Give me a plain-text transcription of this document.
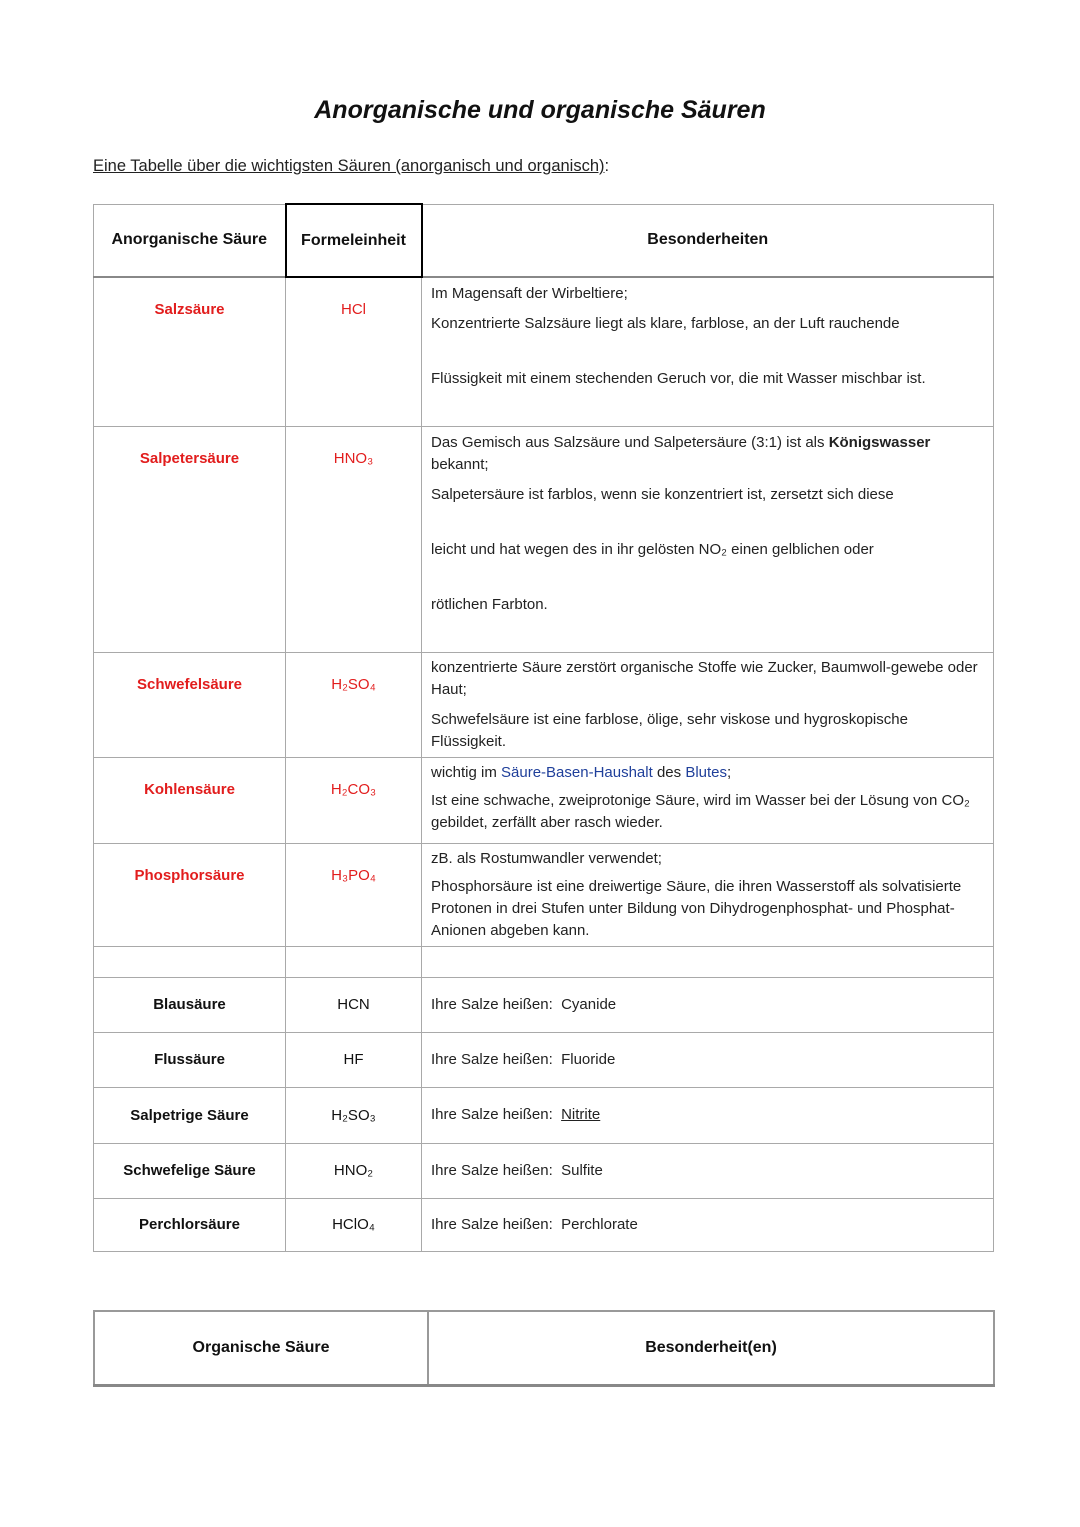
Anorganische und organische Säuren
Eine Tabelle über die wichtigsten Säuren (anorganisch und organisch):
Anorganische Säure	Formeleinheit	Besonderheiten

Salzsäure	HCl	Im Magensaft der Wirbeltiere;

Konzentrierte Salzsäure liegt als klare, farblose, an der Luft rauchende

Flüssigkeit mit einem stechenden Geruch vor, die mit Wasser mischbar ist.

Salpetersäure	HNO₃	Das Gemisch aus Salzsäure und Salpetersäure (3:1) ist als Königswasser bekannt;

Salpetersäure ist farblos, wenn sie konzentriert ist, zersetzt sich diese

leicht und hat wegen des in ihr gelösten NO₂ einen gelblichen oder

rötlichen Farbton.

Schwefelsäure	H₂SO₄	konzentrierte Säure zerstört organische Stoffe wie Zucker, Baumwoll-gewebe oder Haut;

Schwefelsäure ist eine farblose, ölige, sehr viskose und hygroskopische Flüssigkeit.

Kohlensäure	H₂CO₃	wichtig im Säure-Basen-Haushalt des Blutes;

Ist eine schwache, zweiprotonige Säure, wird im Wasser bei der Lösung von CO₂ gebildet, zerfällt aber rasch wieder.

Phosphorsäure	H₃PO₄	zB. als Rostumwandler verwendet;

Phosphorsäure ist eine dreiwertige Säure, die ihren Wasserstoff als solvatisierte Protonen in drei Stufen unter Bildung von Dihydrogenphosphat- und Phosphat-Anionen abgeben kann.

Blausäure	HCN	Ihre Salze heißen: Cyanide
Flussäure	HF	Ihre Salze heißen: Fluoride
Salpetrige Säure	H₂SO₃	Ihre Salze heißen: Nitrite
Schwefelige Säure	HNO₂	Ihre Salze heißen: Sulfite
Perchlorsäure	HClO₄	Ihre Salze heißen: Perchlorate
Organische Säure	Besonderheit(en)
